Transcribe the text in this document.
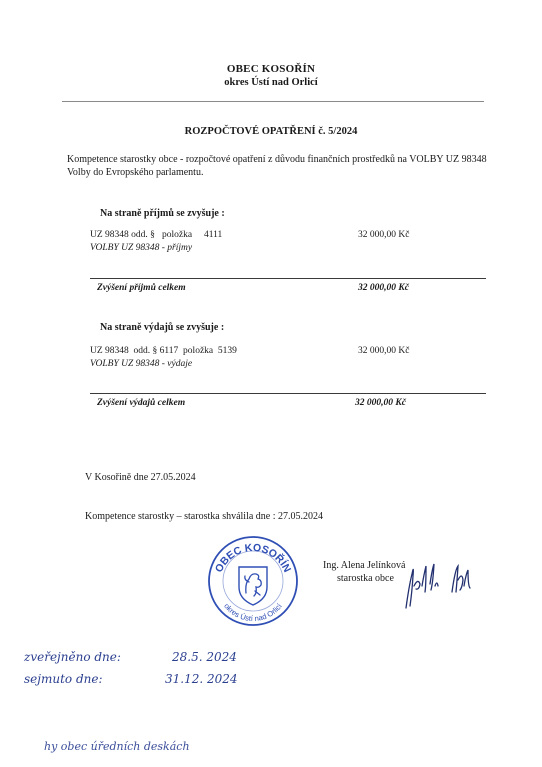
OBEC KOSOŘÍN
okres Ústí nad Orlicí
ROZPOČTOVÉ OPATŘENÍ č. 5/2024
Kompetence starostky obce - rozpočtové opatření z důvodu finančních prostředků na VOLBY UZ 98348 Volby do Evropského parlamentu.
Na straně příjmů se zvyšuje :
UZ 98348 odd. §   položka     4111	32 000,00 Kč
VOLBY UZ 98348 - příjmy
Zvýšení příjmů celkem	32 000,00 Kč
Na straně výdajů se zvyšuje :
UZ 98348  odd. § 6117  položka  5139	32 000,00 Kč
VOLBY UZ 98348 - výdaje
Zvýšení výdajů celkem	32 000,00 Kč
V Kosořině dne 27.05.2024
Kompetence starostky – starostka shválila dne : 27.05.2024
OBEC KOSOŘÍN
okres Ústí nad Orlicí
Ing. Alena Jelínková
starostka obce
zveřejněno dne:	28.5. 2024
sejmuto dne:	31.12. 2024
hy obec úředních deskách
